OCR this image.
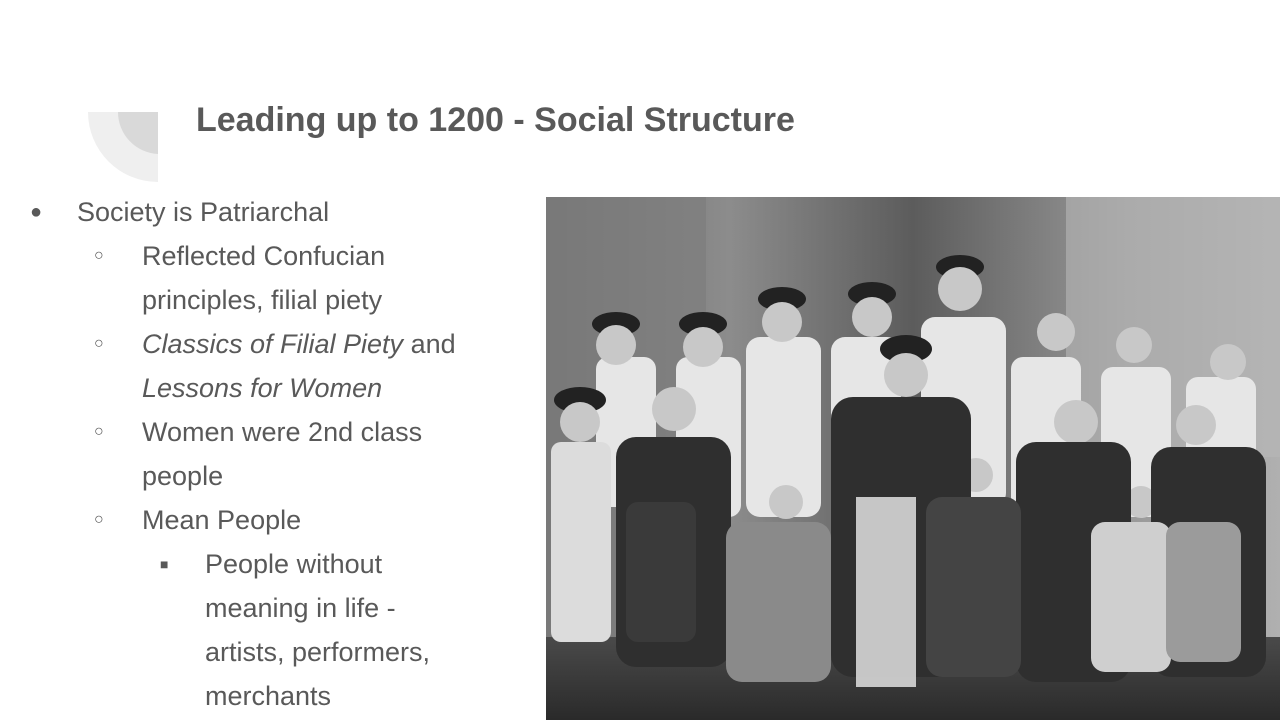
Leading up to 1200 - Social Structure
● Society is Patriarchal
○ Reflected Confucian
principles, filial piety
○ Classics of Filial Piety and
Lessons for Women
○ Women were 2nd class
people
○ Mean People
■ People without
meaning in life -
artists, performers,
merchants
